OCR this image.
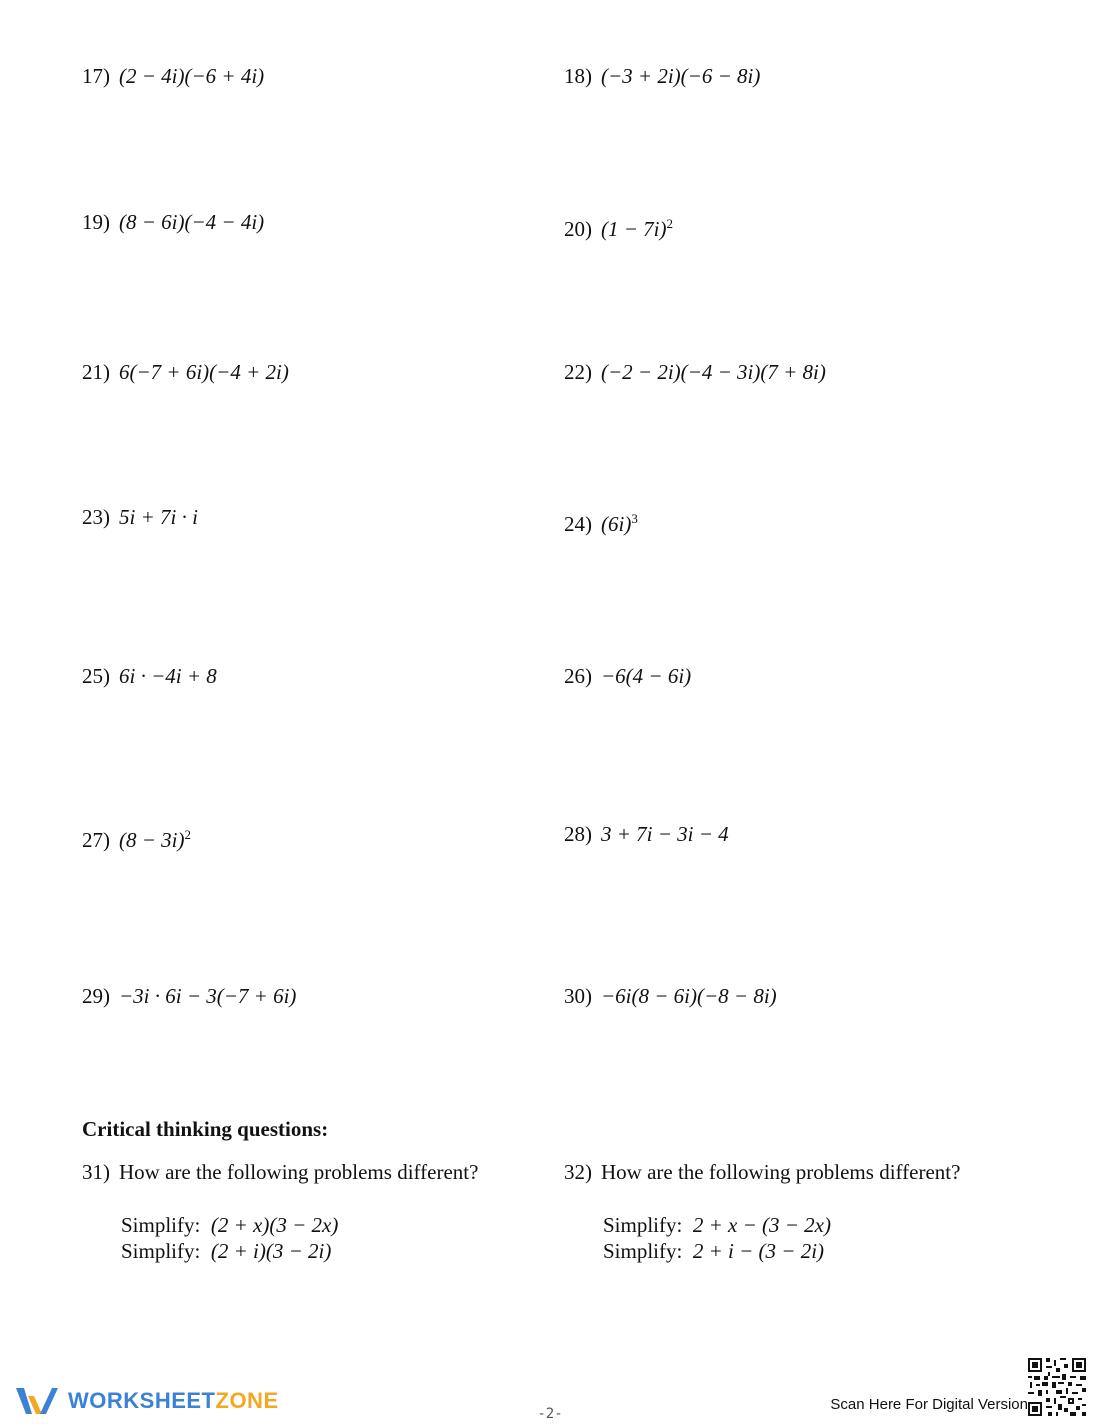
17) (2 − 4i)(−6 + 4i)	18) (−3 + 2i)(−6 − 8i)
19) (8 − 6i)(−4 − 4i)	20) $(1 - 7i)^2$
21) 6(−7 + 6i)(−4 + 2i)	22) (−2 − 2i)(−4 − 3i)(7 + 8i)
23) 5i + 7i · i	24) $(6i)^3$
25) 6i · −4i + 8	26) −6(4 − 6i)
27) $(8 - 3i)^2$	28) 3 + 7i − 3i − 4
29) −3i · 6i − 3(−7 + 6i)	30) −6i(8 − 6i)(−8 − 8i)
Critical thinking questions:
31) How are the following problems different?
Simplify: (2 + x)(3 − 2x)
Simplify: (2 + i)(3 − 2i)
32) How are the following problems different?
Simplify: 2 + x − (3 − 2x)
Simplify: 2 + i − (3 − 2i)
WORKSHEETZONE
-2-
Scan Here For Digital Version
